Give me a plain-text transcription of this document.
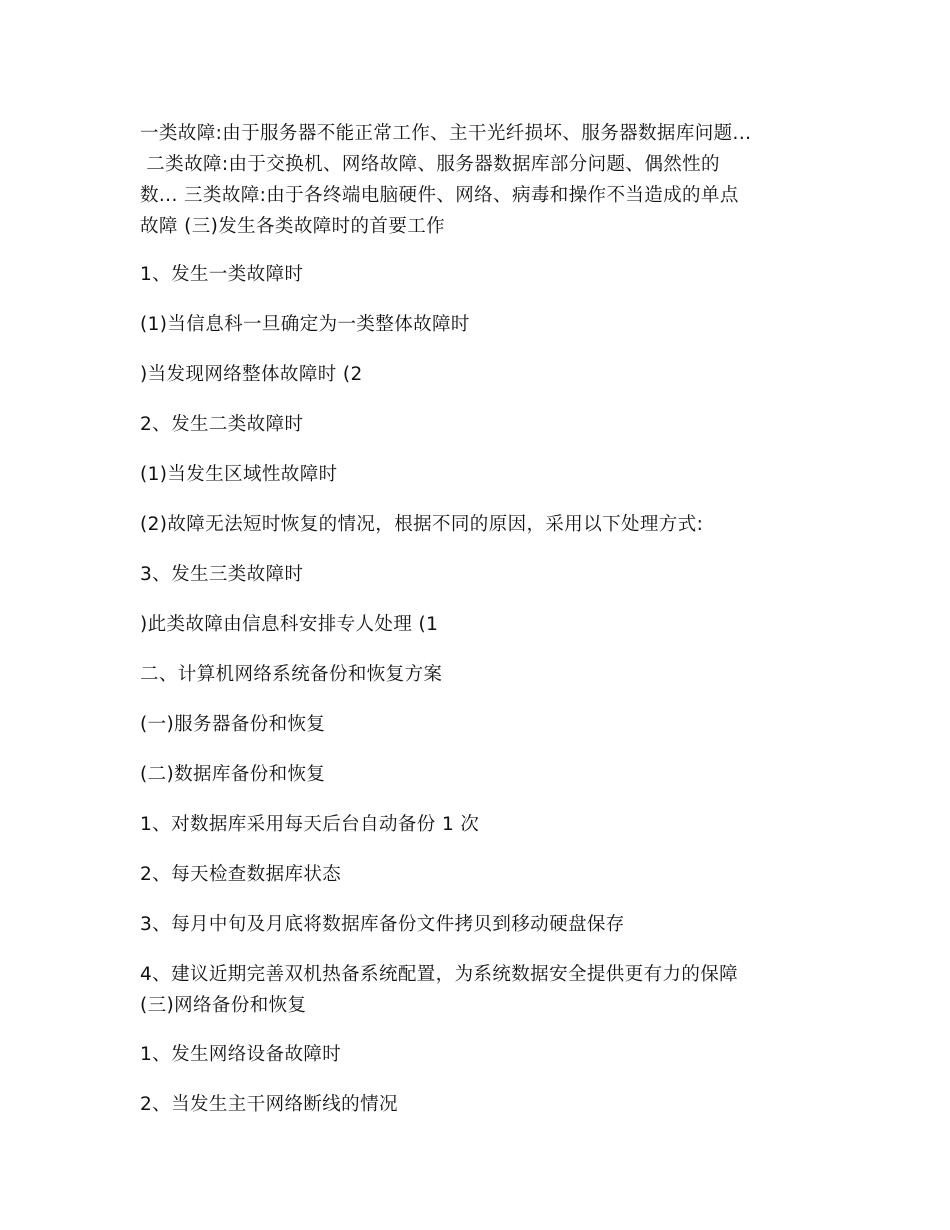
一类故障:由于服务器不能正常工作、主干光纤损坏、服务器数据库问题...

二类故障:由于交换机、网络故障、服务器数据库部分问题、偶然性的

数... 三类故障:由于各终端电脑硬件、网络、病毒和操作不当造成的单点

故障 (三)发生各类故障时的首要工作

1、发生一类故障时

(1)当信息科一旦确定为一类整体故障时

)当发现网络整体故障时 (2

2、发生二类故障时

(1)当发生区域性故障时

(2)故障无法短时恢复的情况，根据不同的原因，采用以下处理方式:

3、发生三类故障时

)此类故障由信息科安排专人处理 (1

二、计算机网络系统备份和恢复方案

(一)服务器备份和恢复

(二)数据库备份和恢复

1、对数据库采用每天后台自动备份 1 次

2、每天检查数据库状态

3、每月中旬及月底将数据库备份文件拷贝到移动硬盘保存

4、建议近期完善双机热备系统配置，为系统数据安全提供更有力的保障

(三)网络备份和恢复

1、发生网络设备故障时

2、当发生主干网络断线的情况
